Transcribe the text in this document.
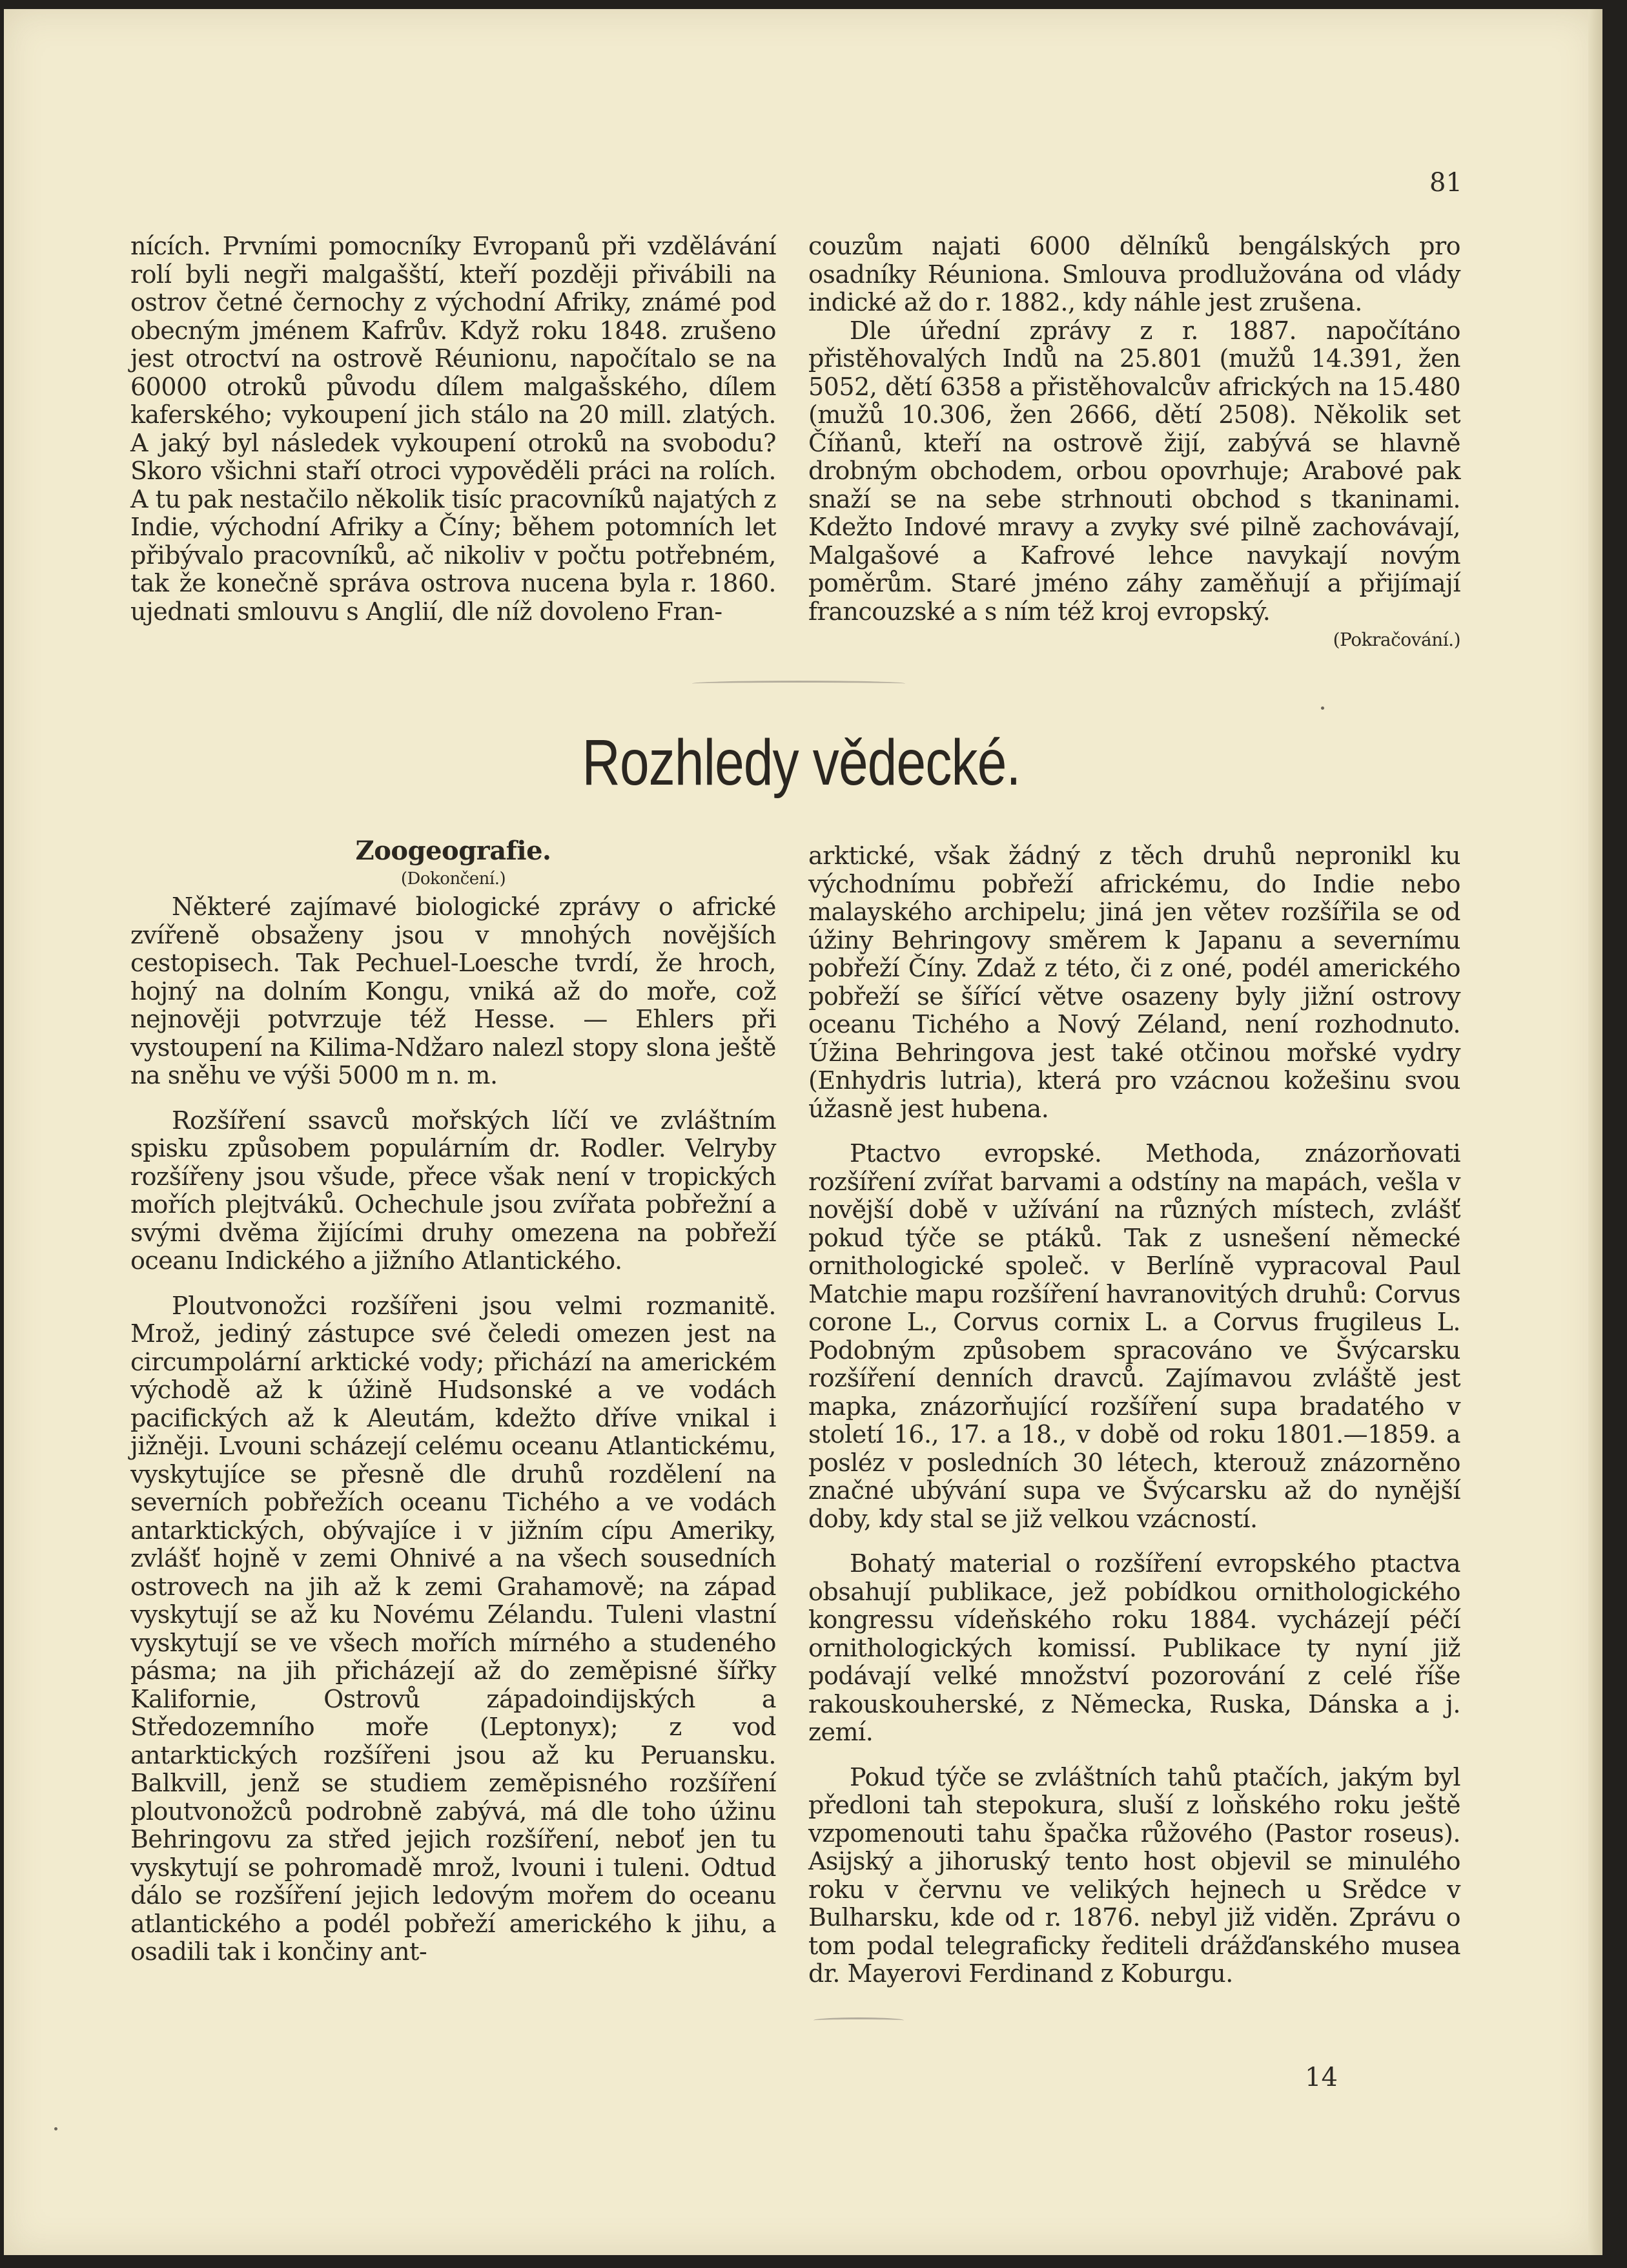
81

nících. Prvními pomocníky Evropanů při vzdělávání rolí byli negři malgašští, kteří později přivábili na ostrov četné černochy z východní Afriky, známé pod obecným jménem Kafrův. Když roku 1848. zrušeno jest otroctví na ostrově Réunionu, napočítalo se na 60000 otroků původu dílem malgašského, dílem kaferského; vykoupení jich stálo na 20 mill. zlatých. A jaký byl následek vykoupení otroků na svobodu? Skoro všichni staří otroci vypověděli práci na rolích. A tu pak nestačilo několik tisíc pracovníků najatých z Indie, východní Afriky a Číny; během potomních let přibývalo pracovníků, ač nikoliv v počtu potřebném, tak že konečně správa ostrova nucena byla r. 1860. ujednati smlouvu s Anglií, dle níž dovoleno Fran-

couzům najati 6000 dělníků bengálských pro osadníky Réuniona. Smlouva prodlužována od vlády indické až do r. 1882., kdy náhle jest zrušena.

Dle úřední zprávy z r. 1887. napočítáno přistěhovalých Indů na 25.801 (mužů 14.391, žen 5052, dětí 6358 a přistěhovalcův afrických na 15.480 (mužů 10.306, žen 2666, dětí 2508). Několik set Číňanů, kteří na ostrově žijí, zabývá se hlavně drobným obchodem, orbou opovrhuje; Arabové pak snaží se na sebe strhnouti obchod s tkaninami. Kdežto Indové mravy a zvyky své pilně zachovávají, Malgašové a Kafrové lehce navykají novým poměrům. Staré jméno záhy zaměňují a přijímají francouzské a s ním též kroj evropský.

(Pokračování.)

Rozhledy vědecké.

Zoogeografie.

(Dokončení.)

Některé zajímavé biologické zprávy o africké zvířeně obsaženy jsou v mnohých novějších cestopisech. Tak Pechuel-Loesche tvrdí, že hroch, hojný na dolním Kongu, vniká až do moře, což nejnověji potvrzuje též Hesse. — Ehlers při vystoupení na Kilima-Ndžaro nalezl stopy slona ještě na sněhu ve výši 5000 m n. m.

Rozšíření ssavců mořských líčí ve zvláštním spisku způsobem populárním dr. Rodler. Velryby rozšířeny jsou všude, přece však není v tropických mořích plejtváků. Ochechule jsou zvířata pobřežní a svými dvěma žijícími druhy omezena na pobřeží oceanu Indického a jižního Atlantického.

Ploutvonožci rozšířeni jsou velmi rozmanitě. Mrož, jediný zástupce své čeledi omezen jest na circumpolární arktické vody; přichází na americkém východě až k úžině Hudsonské a ve vodách pacifických až k Aleutám, kdežto dříve vnikal i jižněji. Lvouni scházejí celému oceanu Atlantickému, vyskytujíce se přesně dle druhů rozdělení na severních pobřežích oceanu Tichého a ve vodách antarktických, obývajíce i v jižním cípu Ameriky, zvlášť hojně v zemi Ohnivé a na všech sousedních ostrovech na jih až k zemi Grahamově; na západ vyskytují se až ku Novému Zélandu. Tuleni vlastní vyskytují se ve všech mořích mírného a studeného pásma; na jih přicházejí až do zeměpisné šířky Kalifornie, Ostrovů západoindijských a Středozemního moře (Leptonyx); z vod antarktických rozšířeni jsou až ku Peruansku. Balkvill, jenž se studiem zeměpisného rozšíření ploutvonožců podrobně zabývá, má dle toho úžinu Behringovu za střed jejich rozšíření, neboť jen tu vyskytují se pohromadě mrož, lvouni i tuleni. Odtud dálo se rozšíření jejich ledovým mořem do oceanu atlantického a podél pobřeží amerického k jihu, a osadili tak i končiny ant-

arktické, však žádný z těch druhů nepronikl ku východnímu pobřeží africkému, do Indie nebo malayského archipelu; jiná jen větev rozšířila se od úžiny Behringovy směrem k Japanu a severnímu pobřeží Číny. Zdaž z této, či z oné, podél amerického pobřeží se šířící větve osazeny byly jižní ostrovy oceanu Tichého a Nový Zéland, není rozhodnuto. Úžina Behringova jest také otčinou mořské vydry (Enhydris lutria), která pro vzácnou kožešinu svou úžasně jest hubena.

Ptactvo evropské. Methoda, znázorňovati rozšíření zvířat barvami a odstíny na mapách, vešla v novější době v užívání na různých místech, zvlášť pokud týče se ptáků. Tak z usnešení německé ornithologické společ. v Berlíně vypracoval Paul Matchie mapu rozšíření havranovitých druhů: Corvus corone L., Corvus cornix L. a Corvus frugileus L. Podobným způsobem spracováno ve Švýcarsku rozšíření denních dravců. Zajímavou zvláště jest mapka, znázorňující rozšíření supa bradatého v století 16., 17. a 18., v době od roku 1801.—1859. a posléz v posledních 30 létech, kterouž znázorněno značné ubývání supa ve Švýcarsku až do nynější doby, kdy stal se již velkou vzácností.

Bohatý material o rozšíření evropského ptactva obsahují publikace, jež pobídkou ornithologického kongressu vídeňského roku 1884. vycházejí péčí ornithologických komissí. Publikace ty nyní již podávají velké množství pozorování z celé říše rakouskouherské, z Německa, Ruska, Dánska a j. zemí.

Pokud týče se zvláštních tahů ptačích, jakým byl předloni tah stepokura, sluší z loňského roku ještě vzpomenouti tahu špačka růžového (Pastor roseus). Asijský a jihoruský tento host objevil se minulého roku v červnu ve velikých hejnech u Srědce v Bulharsku, kde od r. 1876. nebyl již viděn. Zprávu o tom podal telegraficky řediteli drážďanského musea dr. Mayerovi Ferdinand z Koburgu.

14
